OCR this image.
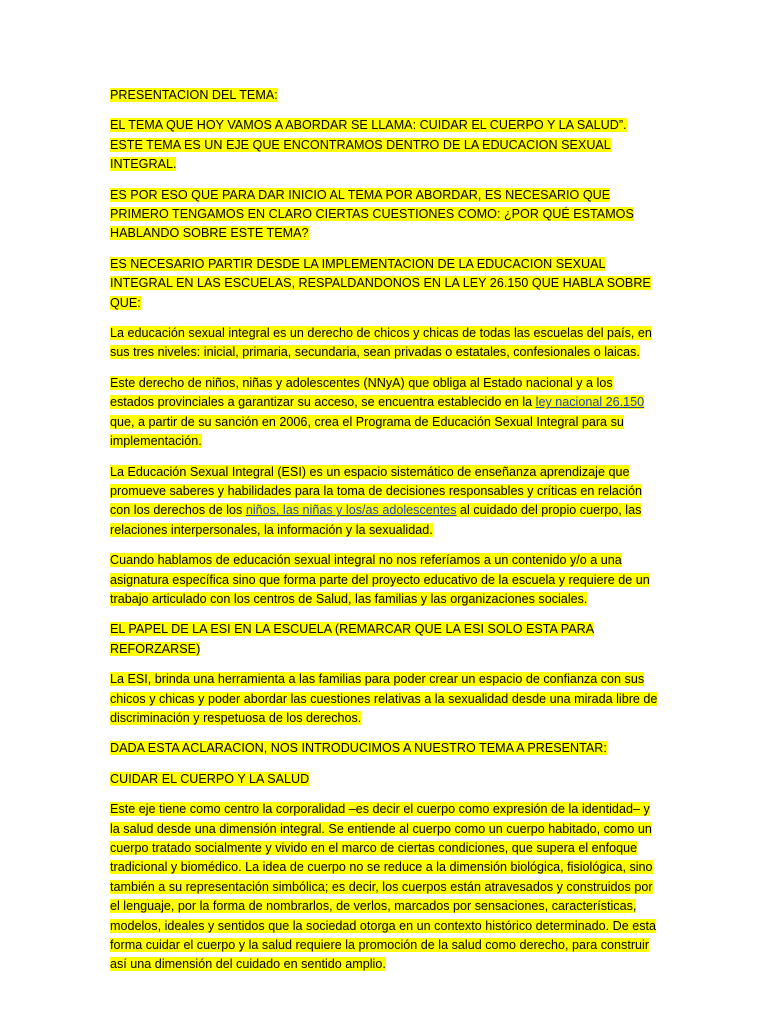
PRESENTACION DEL TEMA:

EL TEMA QUE HOY VAMOS A ABORDAR SE LLAMA: CUIDAR EL CUERPO Y LA SALUD”. ESTE TEMA ES UN EJE QUE ENCONTRAMOS DENTRO DE LA EDUCACION SEXUAL INTEGRAL.

ES POR ESO QUE PARA DAR INICIO AL TEMA POR ABORDAR, ES NECESARIO QUE PRIMERO TENGAMOS EN CLARO CIERTAS CUESTIONES COMO: ¿POR QUÉ ESTAMOS HABLANDO SOBRE ESTE TEMA?

ES NECESARIO PARTIR DESDE LA IMPLEMENTACION DE LA EDUCACION SEXUAL INTEGRAL EN LAS ESCUELAS, RESPALDANDONOS EN LA LEY 26.150 QUE HABLA SOBRE QUE:

La educación sexual integral es un derecho de chicos y chicas de todas las escuelas del país, en sus tres niveles: inicial, primaria, secundaria, sean privadas o estatales, confesionales o laicas.

Este derecho de niños, niñas y adolescentes (NNyA) que obliga al Estado nacional y a los estados provinciales a garantizar su acceso, se encuentra establecido en la ley nacional 26.150 que, a partir de su sanción en 2006, crea el Programa de Educación Sexual Integral para su implementación.

La Educación Sexual Integral (ESI) es un espacio sistemático de enseñanza aprendizaje que promueve saberes y habilidades para la toma de decisiones responsables y críticas en relación con los derechos de los niños, las niñas y los/as adolescentes al cuidado del propio cuerpo, las relaciones interpersonales, la información y la sexualidad.

Cuando hablamos de educación sexual integral no nos referíamos a un contenido y/o a una asignatura específica sino que forma parte del proyecto educativo de la escuela y requiere de un trabajo articulado con los centros de Salud, las familias y las organizaciones sociales.

EL PAPEL DE LA ESI EN LA ESCUELA (REMARCAR QUE LA ESI SOLO ESTA PARA REFORZARSE)

La ESI, brinda una herramienta a las familias para poder crear un espacio de confianza con sus chicos y chicas y poder abordar las cuestiones relativas a la sexualidad desde una mirada libre de discriminación y respetuosa de los derechos.

DADA ESTA ACLARACION, NOS INTRODUCIMOS A NUESTRO TEMA A PRESENTAR:

CUIDAR EL CUERPO Y LA SALUD

Este eje tiene como centro la corporalidad –es decir el cuerpo como expresión de la identidad– y la salud desde una dimensión integral. Se entiende al cuerpo como un cuerpo habitado, como un cuerpo tratado socialmente y vivido en el marco de ciertas condiciones, que supera el enfoque tradicional y biomédico. La idea de cuerpo no se reduce a la dimensión biológica, fisiológica, sino también a su representación simbólica; es decir, los cuerpos están atravesados y construidos por el lenguaje, por la forma de nombrarlos, de verlos, marcados por sensaciones, características, modelos, ideales y sentidos que la sociedad otorga en un contexto histórico determinado. De esta forma cuidar el cuerpo y la salud requiere la promoción de la salud como derecho, para construir así una dimensión del cuidado en sentido amplio.
